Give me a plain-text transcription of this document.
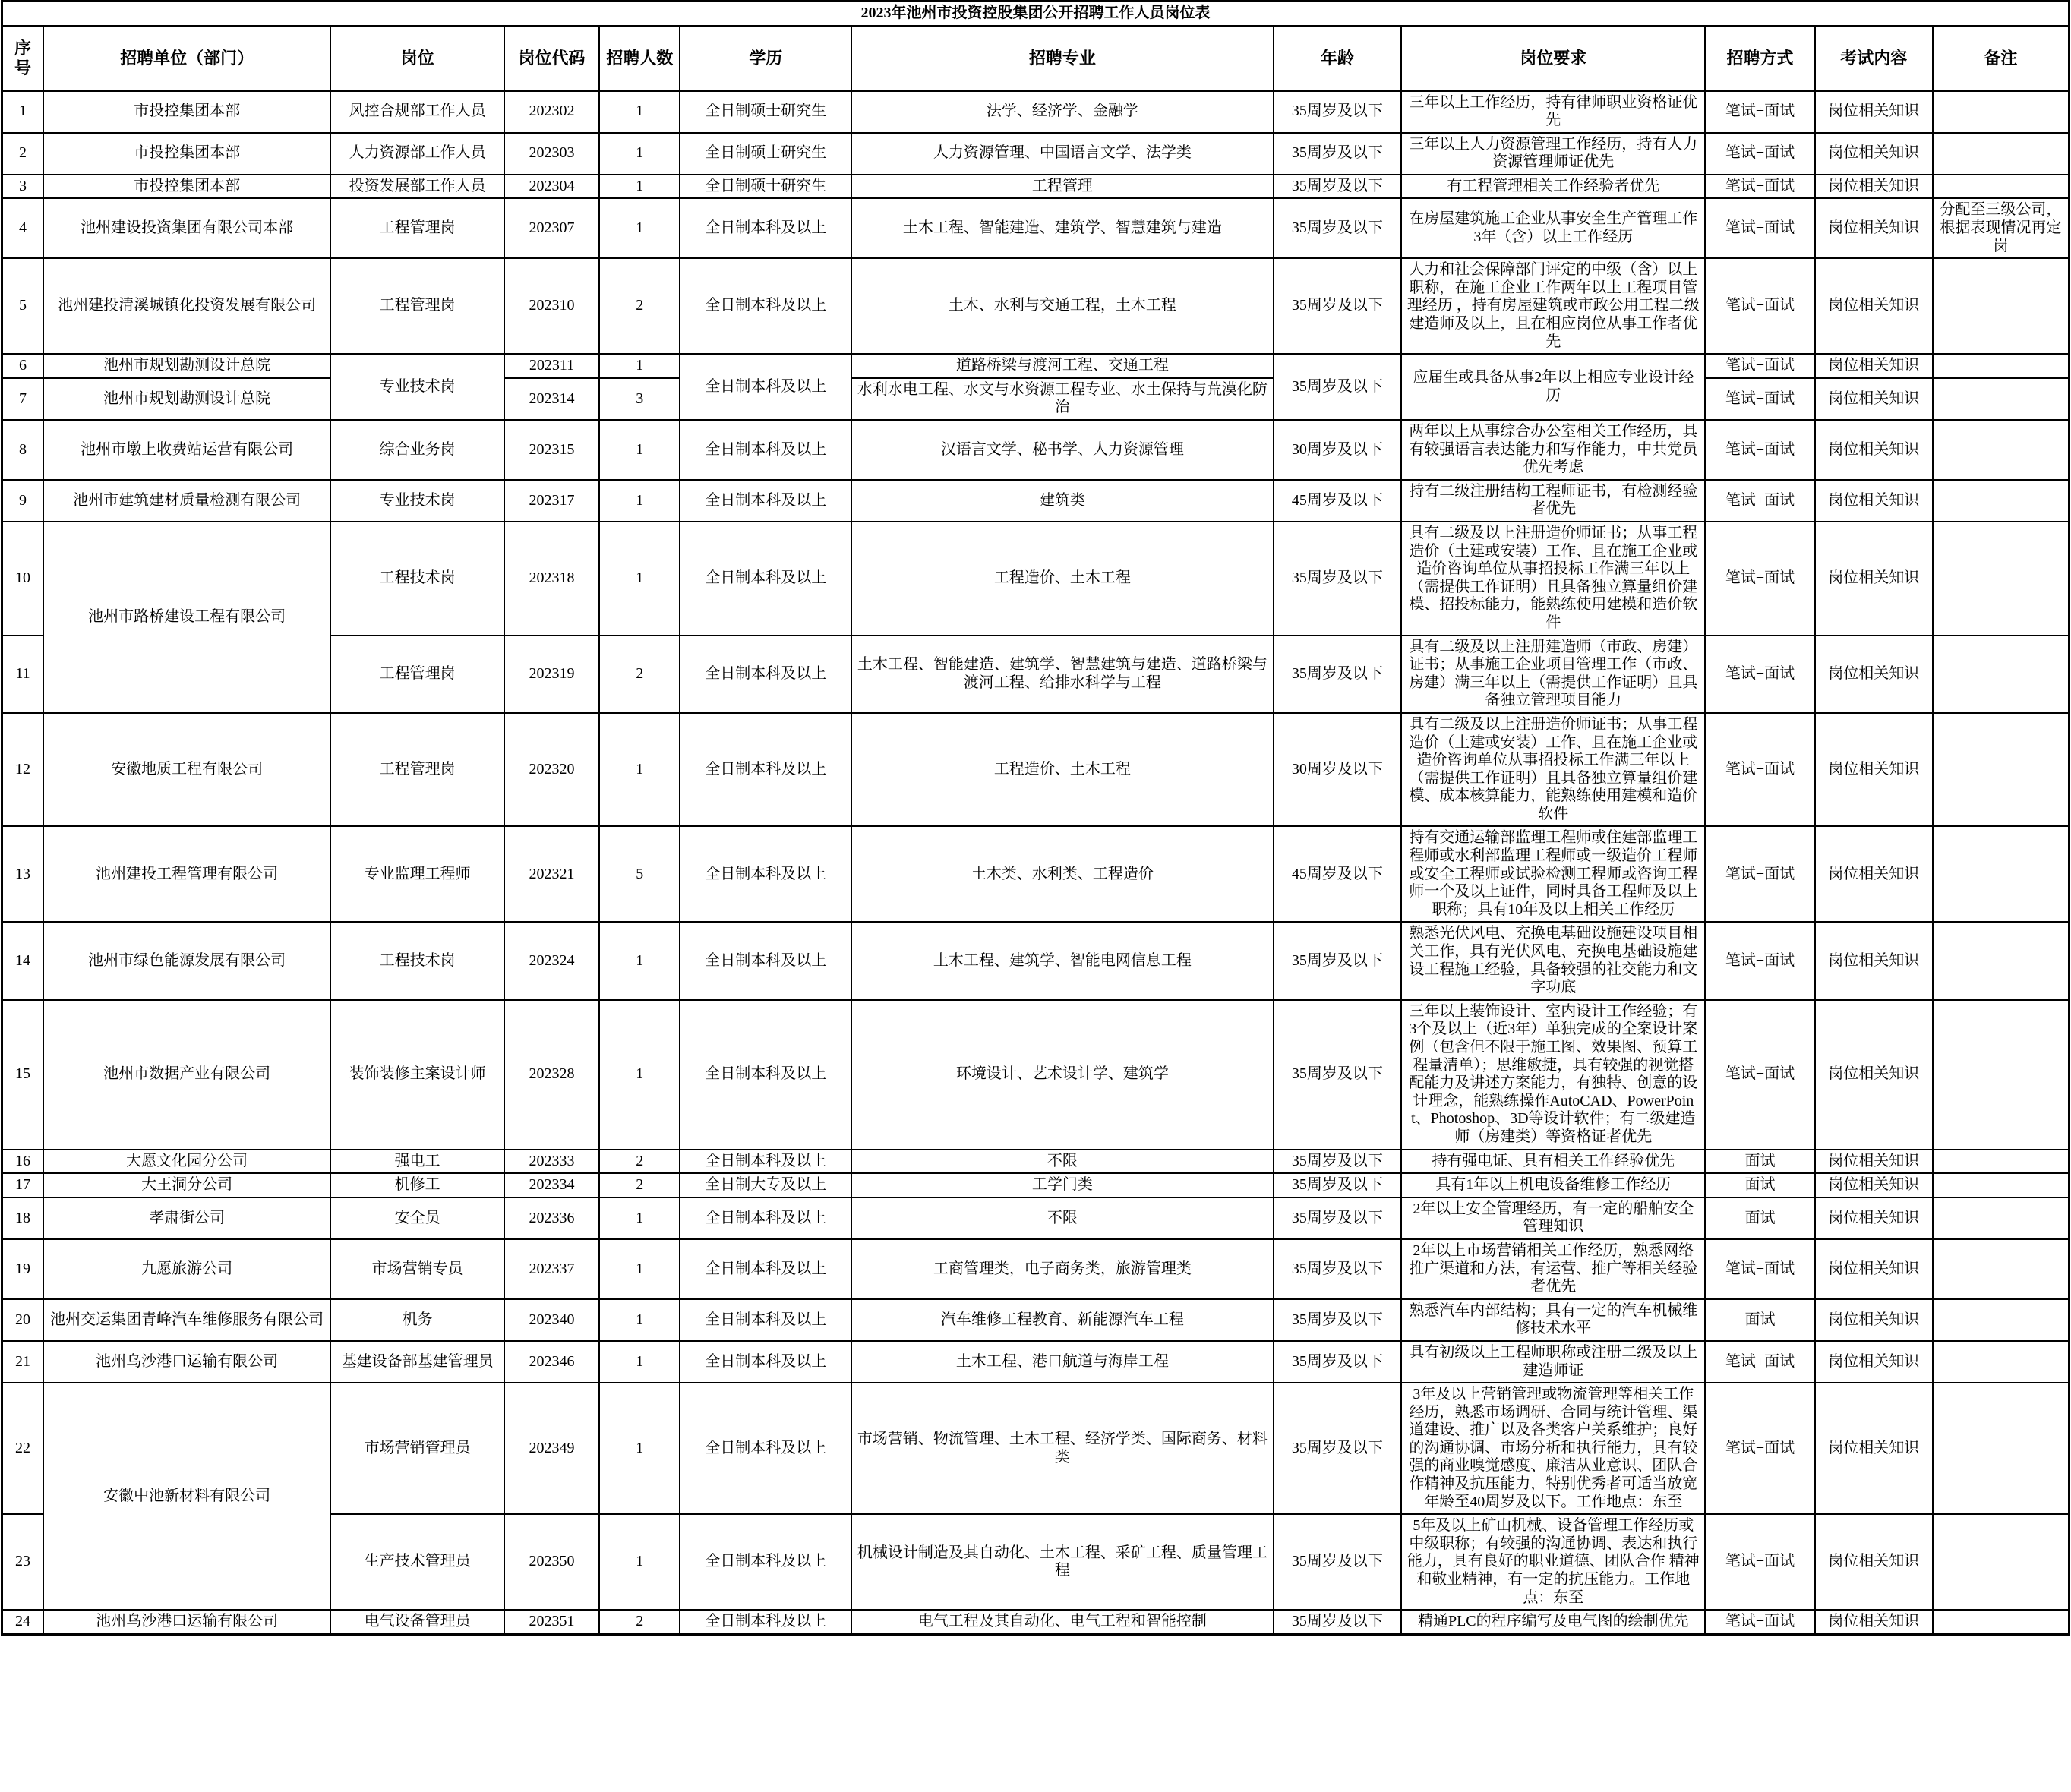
2023年池州市投资控股集团公开招聘工作人员岗位表											
序号	招聘单位（部门）	岗位	岗位代码	招聘人数	学历	招聘专业	年龄	岗位要求	招聘方式	考试内容	备注
1	市投控集团本部	风控合规部工作人员	202302	1	全日制硕士研究生	法学、经济学、金融学	35周岁及以下	三年以上工作经历，持有律师职业资格证优先	笔试+面试	岗位相关知识	
2	市投控集团本部	人力资源部工作人员	202303	1	全日制硕士研究生	人力资源管理、中国语言文学、法学类	35周岁及以下	三年以上人力资源管理工作经历，持有人力资源管理师证优先	笔试+面试	岗位相关知识	
3	市投控集团本部	投资发展部工作人员	202304	1	全日制硕士研究生	工程管理	35周岁及以下	有工程管理相关工作经验者优先	笔试+面试	岗位相关知识	
4	池州建设投资集团有限公司本部	工程管理岗	202307	1	全日制本科及以上	土木工程、智能建造、建筑学、智慧建筑与建造	35周岁及以下	在房屋建筑施工企业从事安全生产管理工作3年（含）以上工作经历	笔试+面试	岗位相关知识	分配至三级公司，根据表现情况再定岗
5	池州建投清溪城镇化投资发展有限公司	工程管理岗	202310	2	全日制本科及以上	土木、水利与交通工程，土木工程	35周岁及以下	人力和社会保障部门评定的中级（含）以上职称，在施工企业工作两年以上工程项目管理经历 ，持有房屋建筑或市政公用工程二级建造师及以上，且在相应岗位从事工作者优先	笔试+面试	岗位相关知识	
6	池州市规划勘测设计总院	专业技术岗	202311	1	全日制本科及以上	道路桥梁与渡河工程、交通工程	35周岁及以下	应届生或具备从事2年以上相应专业设计经历	笔试+面试	岗位相关知识	
7	池州市规划勘测设计总院		202314	3		水利水电工程、水文与水资源工程专业、水土保持与荒漠化防治			笔试+面试	岗位相关知识	
8	池州市墩上收费站运营有限公司	综合业务岗	202315	1	全日制本科及以上	汉语言文学、秘书学、人力资源管理	30周岁及以下	两年以上从事综合办公室相关工作经历，具有较强语言表达能力和写作能力，中共党员优先考虑	笔试+面试	岗位相关知识	
9	池州市建筑建材质量检测有限公司	专业技术岗	202317	1	全日制本科及以上	建筑类	45周岁及以下	持有二级注册结构工程师证书，有检测经验者优先	笔试+面试	岗位相关知识	
10	池州市路桥建设工程有限公司	工程技术岗	202318	1	全日制本科及以上	工程造价、土木工程	35周岁及以下	具有二级及以上注册造价师证书；从事工程造价（土建或安装）工作、且在施工企业或造价咨询单位从事招投标工作满三年以上（需提供工作证明）且具备独立算量组价建模、招投标能力，能熟练使用建模和造价软件	笔试+面试	岗位相关知识	
11		工程管理岗	202319	2	全日制本科及以上	土木工程、智能建造、建筑学、智慧建筑与建造、道路桥梁与渡河工程、给排水科学与工程	35周岁及以下	具有二级及以上注册建造师（市政、房建）证书；从事施工企业项目管理工作（市政、房建）满三年以上（需提供工作证明）且具备独立管理项目能力	笔试+面试	岗位相关知识	
12	安徽地质工程有限公司	工程管理岗	202320	1	全日制本科及以上	工程造价、土木工程	30周岁及以下	具有二级及以上注册造价师证书；从事工程造价（土建或安装）工作、且在施工企业或造价咨询单位从事招投标工作满三年以上（需提供工作证明）且具备独立算量组价建模、成本核算能力，能熟练使用建模和造价软件	笔试+面试	岗位相关知识	
13	池州建投工程管理有限公司	专业监理工程师	202321	5	全日制本科及以上	土木类、水利类、工程造价	45周岁及以下	持有交通运输部监理工程师或住建部监理工程师或水利部监理工程师或一级造价工程师或安全工程师或试验检测工程师或咨询工程师一个及以上证件，同时具备工程师及以上职称；具有10年及以上相关工作经历	笔试+面试	岗位相关知识	
14	池州市绿色能源发展有限公司	工程技术岗	202324	1	全日制本科及以上	土木工程、建筑学、智能电网信息工程	35周岁及以下	熟悉光伏风电、充换电基础设施建设项目相关工作，具有光伏风电、充换电基础设施建设工程施工经验，具备较强的社交能力和文字功底	笔试+面试	岗位相关知识	
15	池州市数据产业有限公司	装饰装修主案设计师	202328	1	全日制本科及以上	环境设计、艺术设计学、建筑学	35周岁及以下	三年以上装饰设计、室内设计工作经验；有3个及以上（近3年）单独完成的全案设计案例（包含但不限于施工图、效果图、预算工程量清单）；思维敏捷，具有较强的视觉搭配能力及讲述方案能力，有独特、创意的设计理念，能熟练操作AutoCAD、PowerPoint、Photoshop、3D等设计软件；有二级建造师（房建类）等资格证者优先	笔试+面试	岗位相关知识	
16	大愿文化园分公司	强电工	202333	2	全日制本科及以上	不限	35周岁及以下	持有强电证、具有相关工作经验优先	面试	岗位相关知识	
17	大王洞分公司	机修工	202334	2	全日制大专及以上	工学门类	35周岁及以下	具有1年以上机电设备维修工作经历	面试	岗位相关知识	
18	孝肃街公司	安全员	202336	1	全日制本科及以上	不限	35周岁及以下	2年以上安全管理经历，有一定的船舶安全管理知识	面试	岗位相关知识	
19	九愿旅游公司	市场营销专员	202337	1	全日制本科及以上	工商管理类，电子商务类，旅游管理类	35周岁及以下	2年以上市场营销相关工作经历，熟悉网络推广渠道和方法，有运营、推广等相关经验者优先	笔试+面试	岗位相关知识	
20	池州交运集团青峰汽车维修服务有限公司	机务	202340	1	全日制本科及以上	汽车维修工程教育、新能源汽车工程	35周岁及以下	熟悉汽车内部结构；具有一定的汽车机械维修技术水平	面试	岗位相关知识	
21	池州乌沙港口运输有限公司	基建设备部基建管理员	202346	1	全日制本科及以上	土木工程、港口航道与海岸工程	35周岁及以下	具有初级以上工程师职称或注册二级及以上建造师证	笔试+面试	岗位相关知识	
22	安徽中池新材料有限公司	市场营销管理员	202349	1	全日制本科及以上	市场营销、物流管理、土木工程、经济学类、国际商务、材料类	35周岁及以下	3年及以上营销管理或物流管理等相关工作经历，熟悉市场调研、合同与统计管理、渠道建设、推广以及各类客户关系维护；良好的沟通协调、市场分析和执行能力，具有较强的商业嗅觉感度、廉洁从业意识、团队合作精神及抗压能力，特别优秀者可适当放宽年龄至40周岁及以下。工作地点：东至	笔试+面试	岗位相关知识	
23		生产技术管理员	202350	1	全日制本科及以上	机械设计制造及其自动化、土木工程、采矿工程、质量管理工程	35周岁及以下	5年及以上矿山机械、设备管理工作经历或中级职称；有较强的沟通协调、表达和执行能力，具有良好的职业道德、团队合作 精神和敬业精神，有一定的抗压能力。工作地点：东至	笔试+面试	岗位相关知识	
24	池州乌沙港口运输有限公司	电气设备管理员	202351	2	全日制本科及以上	电气工程及其自动化、电气工程和智能控制	35周岁及以下	精通PLC的程序编写及电气图的绘制优先	笔试+面试	岗位相关知识	
